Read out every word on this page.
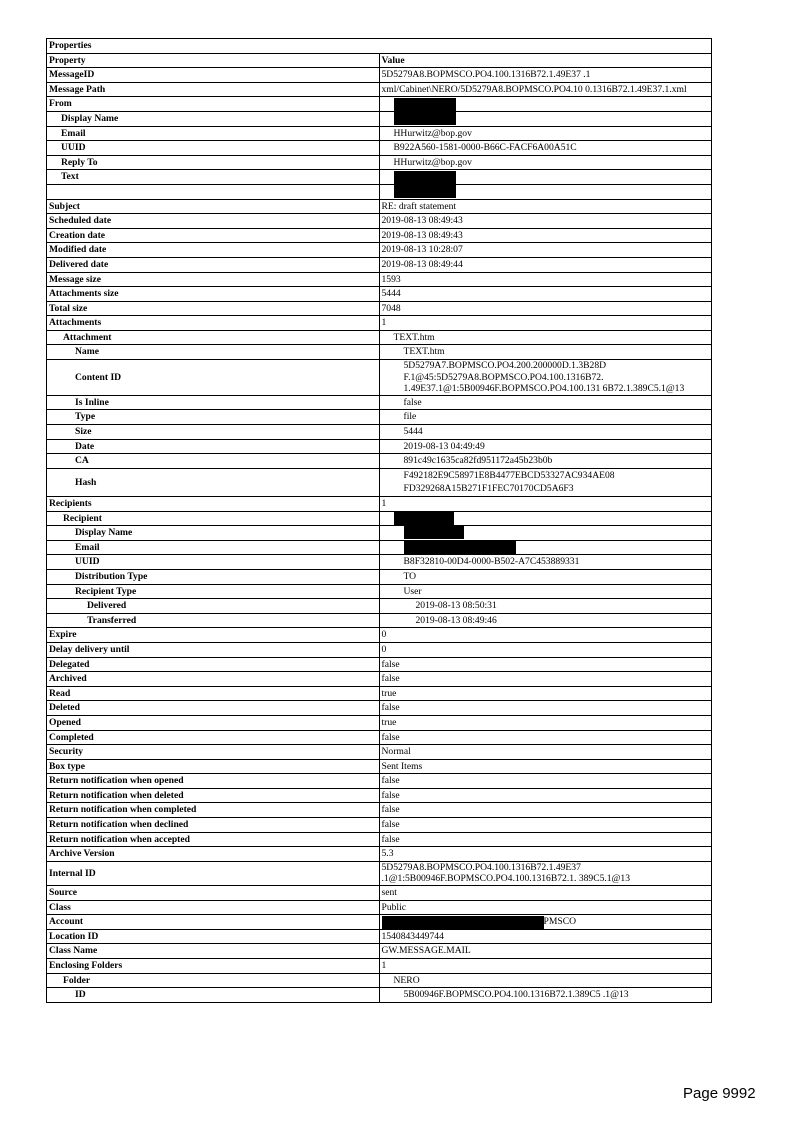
Properties	
Property	Value
MessageID	5D5279A8.BOPMSCO.PO4.100.1316B72.1.49E37 .1
Message Path	xml/Cabinet\NERO/5D5279A8.BOPMSCO.PO4.10 0.1316B72.1.49E37.1.xml
From	
Display Name	
Email	HHurwitz@bop.gov
UUID	B922A560-1581-0000-B66C-FACF6A00A51C
Reply To	HHurwitz@bop.gov
Text	

Subject	RE: draft statement
Scheduled date	2019-08-13 08:49:43
Creation date	2019-08-13 08:49:43
Modified date	2019-08-13 10:28:07
Delivered date	2019-08-13 08:49:44
Message size	1593
Attachments size	5444
Total size	7048
Attachments	1
Attachment	TEXT.htm
Name	TEXT.htm
Content ID	5D5279A7.BOPMSCO.PO4.200.200000D.1.3B28D F.1@45:5D5279A8.BOPMSCO.PO4.100.1316B72. 1.49E37.1@1:5B00946F.BOPMSCO.PO4.100.131 6B72.1.389C5.1@13
Is Inline	false
Type	file
Size	5444
Date	2019-08-13 04:49:49
CA	891c49c1635ca82fd951172a45b23b0b
Hash	F492182E9C58971E8B4477EBCD53327AC934AE08 FD329268A15B271F1FEC70170CD5A6F3
Recipients	1
Recipient	
Display Name	
Email	
UUID	B8F32810-00D4-0000-B502-A7C453889331
Distribution Type	TO
Recipient Type	User
Delivered	2019-08-13 08:50:31
Transferred	2019-08-13 08:49:46
Expire	0
Delay delivery until	0
Delegated	false
Archived	false
Read	true
Deleted	false
Opened	true
Completed	false
Security	Normal
Box type	Sent Items
Return notification when opened	false
Return notification when deleted	false
Return notification when completed	false
Return notification when declined	false
Return notification when accepted	false
Archive Version	5.3
Internal ID	5D5279A8.BOPMSCO.PO4.100.1316B72.1.49E37 .1@1:5B00946F.BOPMSCO.PO4.100.1316B72.1. 389C5.1@13
Source	sent
Class	Public
Account	PMSCO
Location ID	1540843449744
Class Name	GW.MESSAGE.MAIL
Enclosing Folders	1
Folder	NERO
ID	5B00946F.BOPMSCO.PO4.100.1316B72.1.389C5 .1@13
Page 9992
